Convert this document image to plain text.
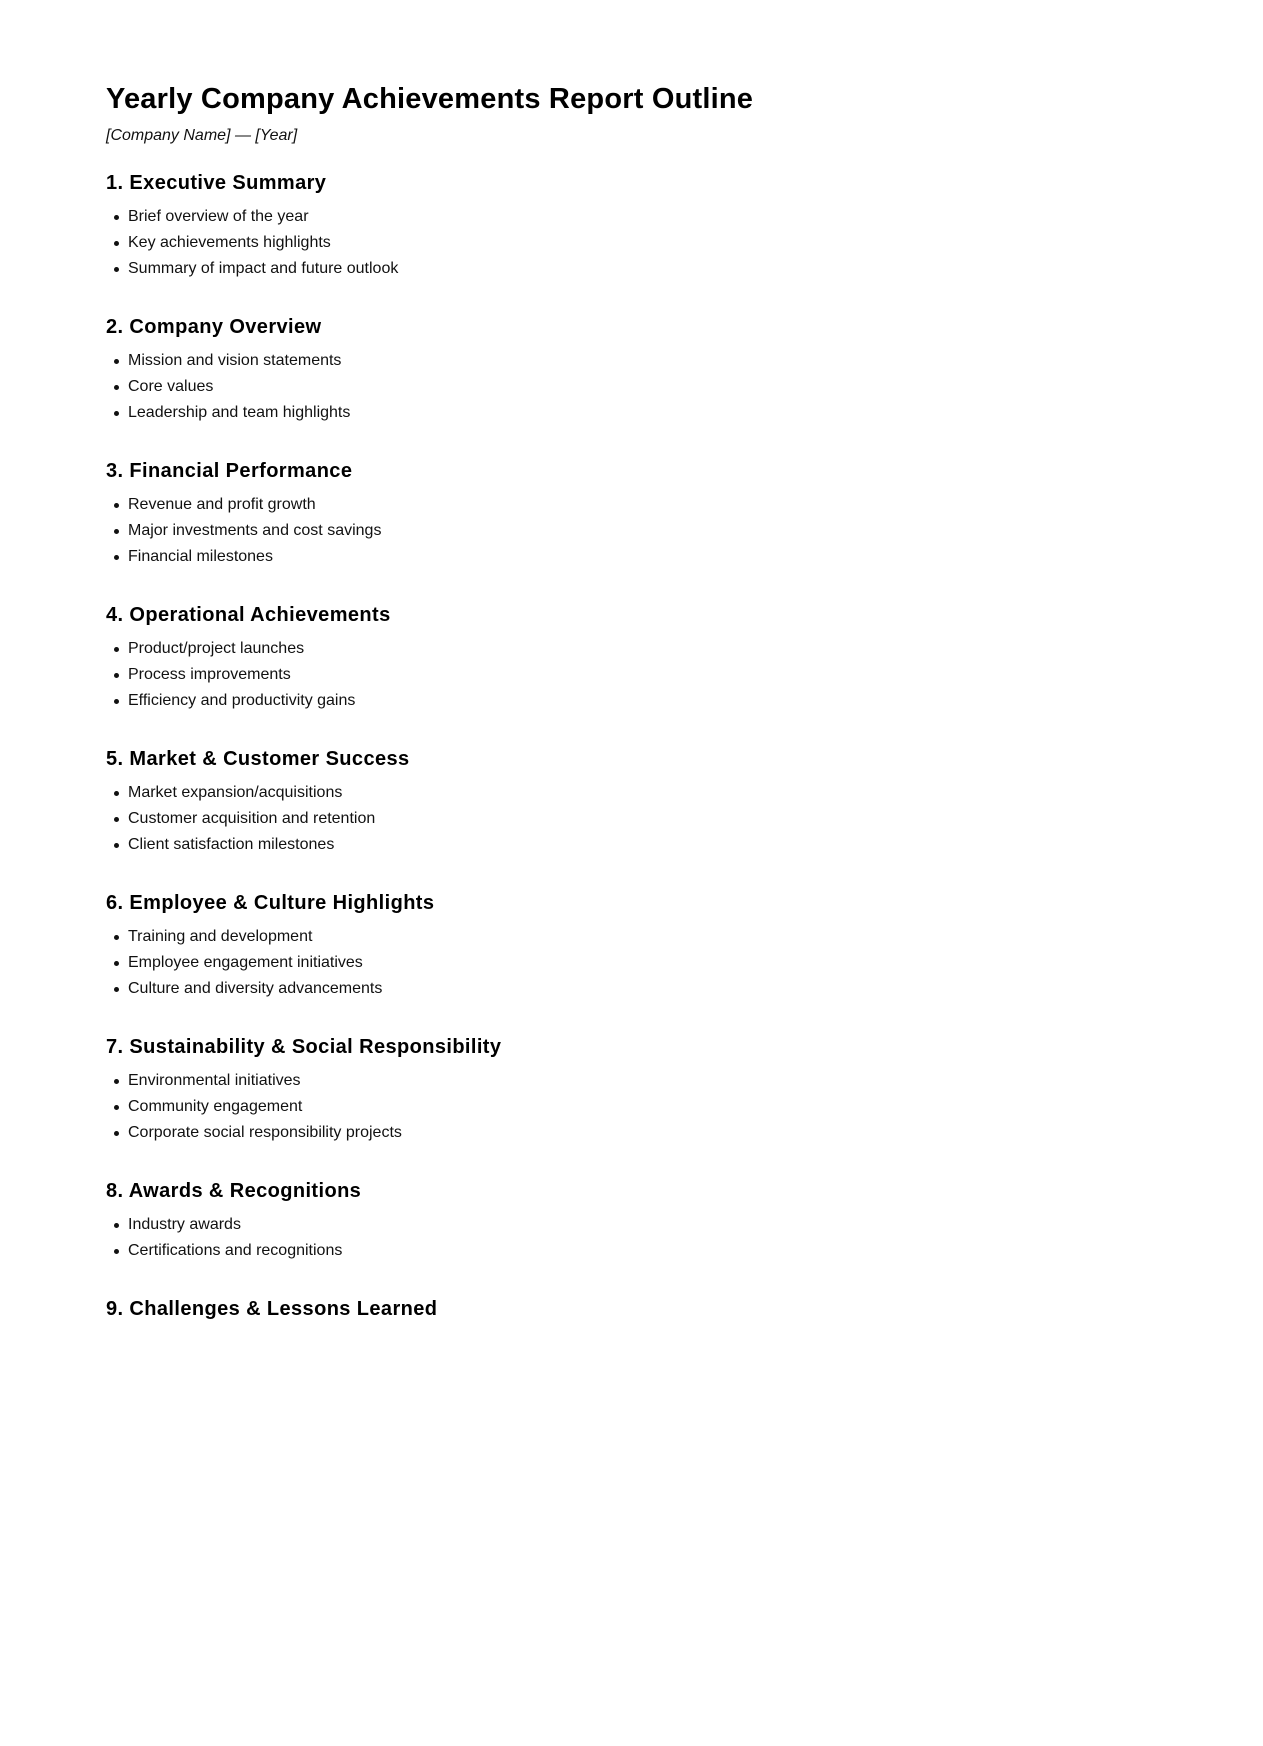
Yearly Company Achievements Report Outline

[Company Name] — [Year]

1. Executive Summary
Brief overview of the year
Key achievements highlights
Summary of impact and future outlook
2. Company Overview
Mission and vision statements
Core values
Leadership and team highlights
3. Financial Performance
Revenue and profit growth
Major investments and cost savings
Financial milestones
4. Operational Achievements
Product/project launches
Process improvements
Efficiency and productivity gains
5. Market & Customer Success
Market expansion/acquisitions
Customer acquisition and retention
Client satisfaction milestones
6. Employee & Culture Highlights
Training and development
Employee engagement initiatives
Culture and diversity advancements
7. Sustainability & Social Responsibility
Environmental initiatives
Community engagement
Corporate social responsibility projects
8. Awards & Recognitions
Industry awards
Certifications and recognitions
9. Challenges & Lessons Learned
